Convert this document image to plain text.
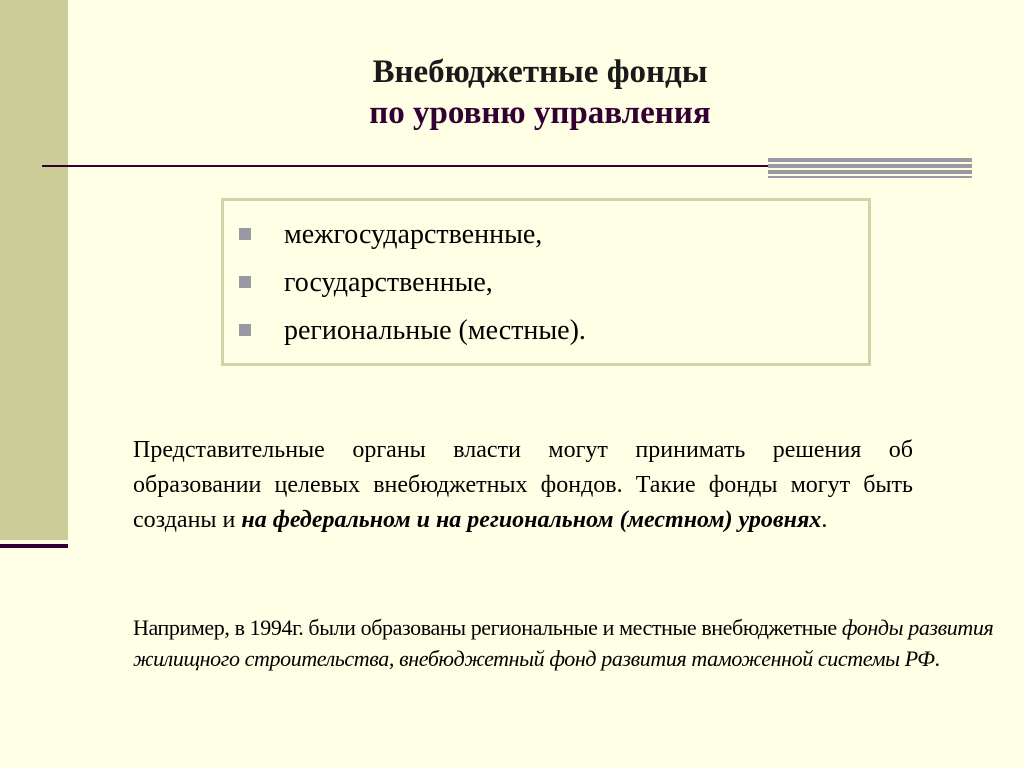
Внебюджетные фонды
по уровню управления
межгосударственные,
государственные,
региональные (местные).

Представительные органы власти могут принимать решения об образовании целевых внебюджетных фондов. Такие фонды могут быть созданы и на федеральном и на региональном (местном) уровнях.

Например, в 1994г. были образованы региональные и местные внебюджетные фонды развития жилищного строительства, внебюджетный фонд развития таможенной системы РФ.
